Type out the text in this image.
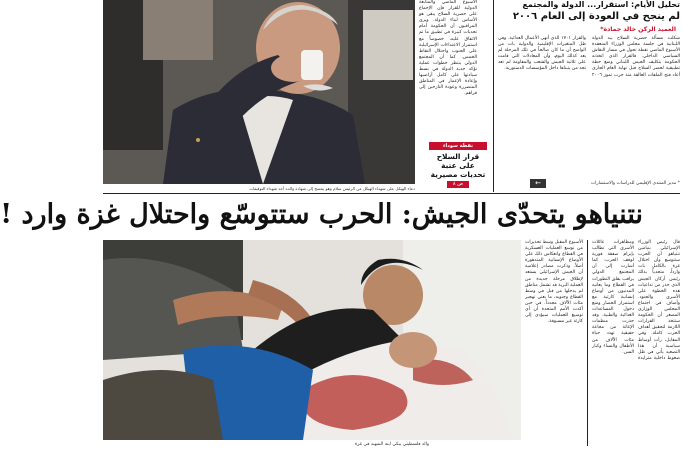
دعاء الهيكل على شهداء الهيكل من الرئيس سلام وهو يمسح إلى شهادة والده أحد شهداء التوقيفات
الأسبوع الماضي والمتابعة الدولية للقرار فإن الإجماع على حصرية السلاح يبقى هو الأساس لبناء الدولة. ويرى المراقبون أن الحكومة أمام تحديات كبيرة في تطبيق ما تم الاتفاق عليه، خصوصاً مع استمرار الاعتداءات الإسرائيلية على الجنوب واحتلال النقاط الخمس. كما أن المجتمع الدولي ينتظر خطوات عملية تؤكد جدية الدولة في بسط سيادتها على كامل أراضيها وإعادة الإعمار في المناطق المتضررة وعودة النازحين إلى قراهم.
نقطة سوداء
قرار السلاح على عتبة تحديات مصيرية
ص ٨
تحليل الأيام: استقرار... الدولة والمجتمع
لم ينجح في العودة إلى العام ٢٠٠٦
العميد الركن خالد حمادة*
شكلت مسألة حصرية السلاح بيد الدولة اللبنانية في جلسة مجلس الوزراء المنعقدة الأسبوع الماضي نقطة تحول في مسار النقاش السياسي الداخلي. فالقرار الذي اتخذته الحكومة بتكليف الجيش اللبناني وضع خطة تطبيقية لحصر السلاح قبل نهاية العام الجاري أعاد فتح الملفات العالقة منذ حرب تموز ٢٠٠٦ والقرار ١٧٠١ الذي أنهى الأعمال العدائية. وفي ظل المتغيرات الإقليمية والدولية بات من الواضح أن ما كان صالحاً في تلك المرحلة لم يعد كذلك اليوم، وأن المعادلات التي قامت على ثلاثية الجيش والشعب والمقاومة لم تعد تجد من يتبناها داخل المؤسسات الدستورية.
←	* مدير المنتدى الإقليمي للدراسات والاستشارات
نتنياهو يتحدّى الجيش: الحرب ستتوسّع واحتلال غزة وارد !
والد فلسطيني يبكي ابنه الشهيد في غزة
الأسبوع المقبل وسط تحذيرات من توسع العمليات العسكرية في القطاع وانعكاس ذلك على الأوضاع الإنسانية المتدهورة أصلاً. وذكرت مصادر إعلامية أن الجيش الإسرائيلي يستعد لإطلاق مرحلة جديدة من العملية البرية قد تشمل مناطق لم يدخلها من قبل في وسط القطاع وجنوبه، ما يعني تهجير مئات الآلاف مجدداً. في حين أكدت الأمم المتحدة أن أي توسيع للعمليات سيؤدي إلى كارثة غير مسبوقة.
قال رئيس الوزراء الإسرائيلي بنيامين نتنياهو أن الحرب ستتوسع وأن احتلال غزة بالكامل بات وارداً، متحدياً بذلك رئيس أركان الجيش الذي حذر من تداعيات هذه الخطوة على الأسرى والجنود. وأضاف في اجتماع المجلس الوزاري المصغر أن الحكومة ستتخذ القرارات اللازمة لتحقيق أهداف الحرب كاملة. وفي المقابل، رأت أوساط سياسية أن هذا التصعيد يأتي في ظل ضغوط داخلية متزايدة ومظاهرات عائلات الأسرى التي تطالب بإبرام صفقة فورية لوقف الحرب. كما أشارت إلى أن المجتمع الدولي يراقب بقلق التطورات في القطاع وما يعانيه المدنيون من أوضاع إنسانية كارثية مع استمرار الحصار ومنع دخول المساعدات الغذائية والطبية. وقد حذرت منظمات الإغاثة من مجاعة حقيقية تهدد حياة مئات الآلاف من الأطفال والنساء وكبار السن.
